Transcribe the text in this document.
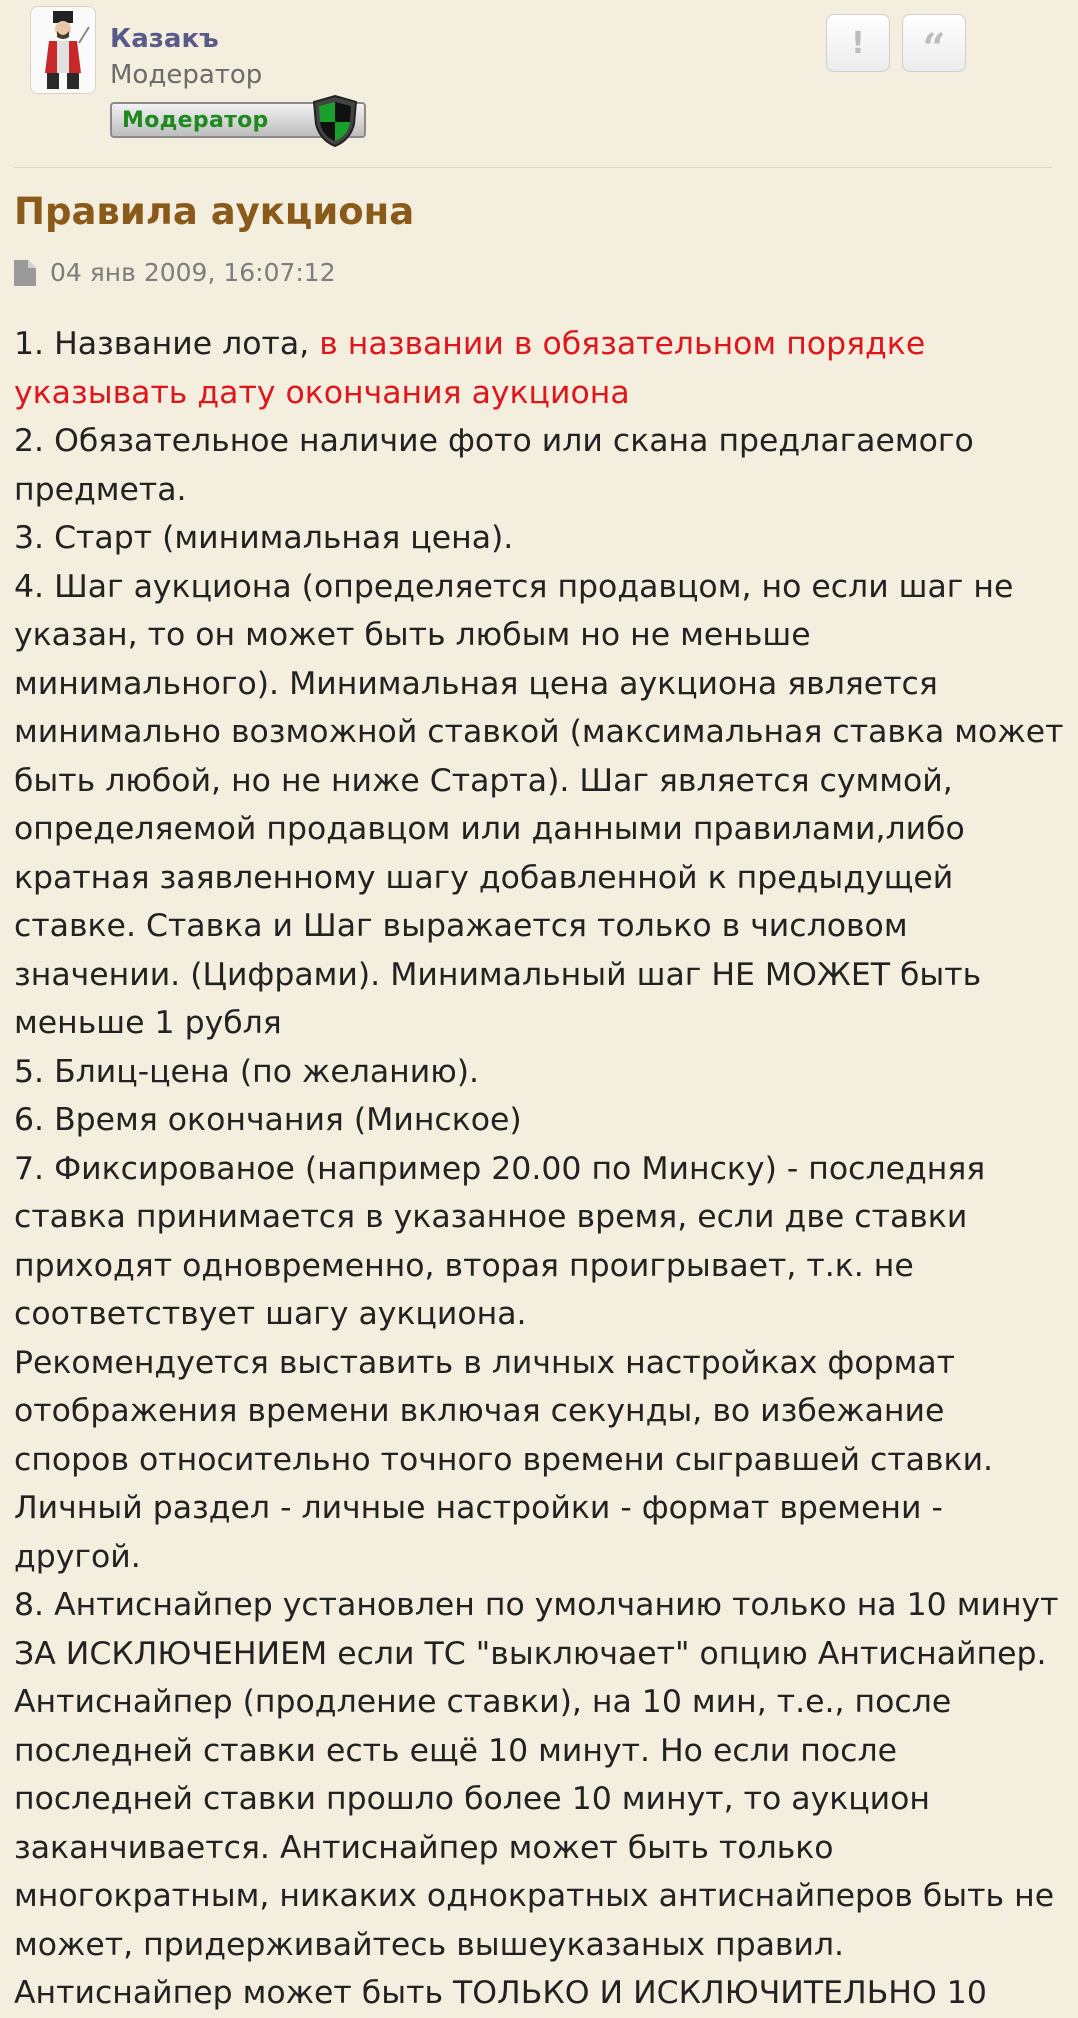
Казакъ
Модератор
Модератор
! “
Правила аукциона
04 янв 2009, 16:07:12

1. Название лота, в названии в обязательном порядке указывать дату окончания аукциона

2. Обязательное наличие фото или скана предлагаемого предмета.

3. Старт (минимальная цена).

4. Шаг аукциона (определяется продавцом, но если шаг не указан, то он может быть любым но не меньше минимального). Минимальная цена аукциона является минимально возможной ставкой (максимальная ставка может быть любой, но не ниже Старта). Шаг является суммой, определяемой продавцом или данными правилами,либо кратная заявленному шагу добавленной к предыдущей ставке. Ставка и Шаг выражается только в числовом значении. (Цифрами). Минимальный шаг НЕ МОЖЕТ быть меньше 1 рубля

5. Блиц-цена (по желанию).

6. Время окончания (Минское)

7. Фиксированое (например 20.00 по Минску) - последняя ставка принимается в указанное время, если две ставки приходят одновременно, вторая проигрывает, т.к. не соответствует шагу аукциона.

Рекомендуется выставить в личных настройках формат отображения времени включая секунды, во избежание споров относительно точного времени сыгравшей ставки. Личный раздел - личные настройки - формат времени - другой.

8. Антиснайпер установлен по умолчанию только на 10 минут ЗА ИСКЛЮЧЕНИЕМ если ТС "выключает" опцию Антиснайпер. Антиснайпер (продление ставки), на 10 мин, т.е., после последней ставки есть ещё 10 минут. Но если после последней ставки прошло более 10 минут, то аукцион заканчивается. Антиснайпер может быть только многократным, никаких однократных антиснайперов быть не может, придерживайтесь вышеуказаных правил. Антиснайпер может быть ТОЛЬКО И ИСКЛЮЧИТЕЛЬНО 10
